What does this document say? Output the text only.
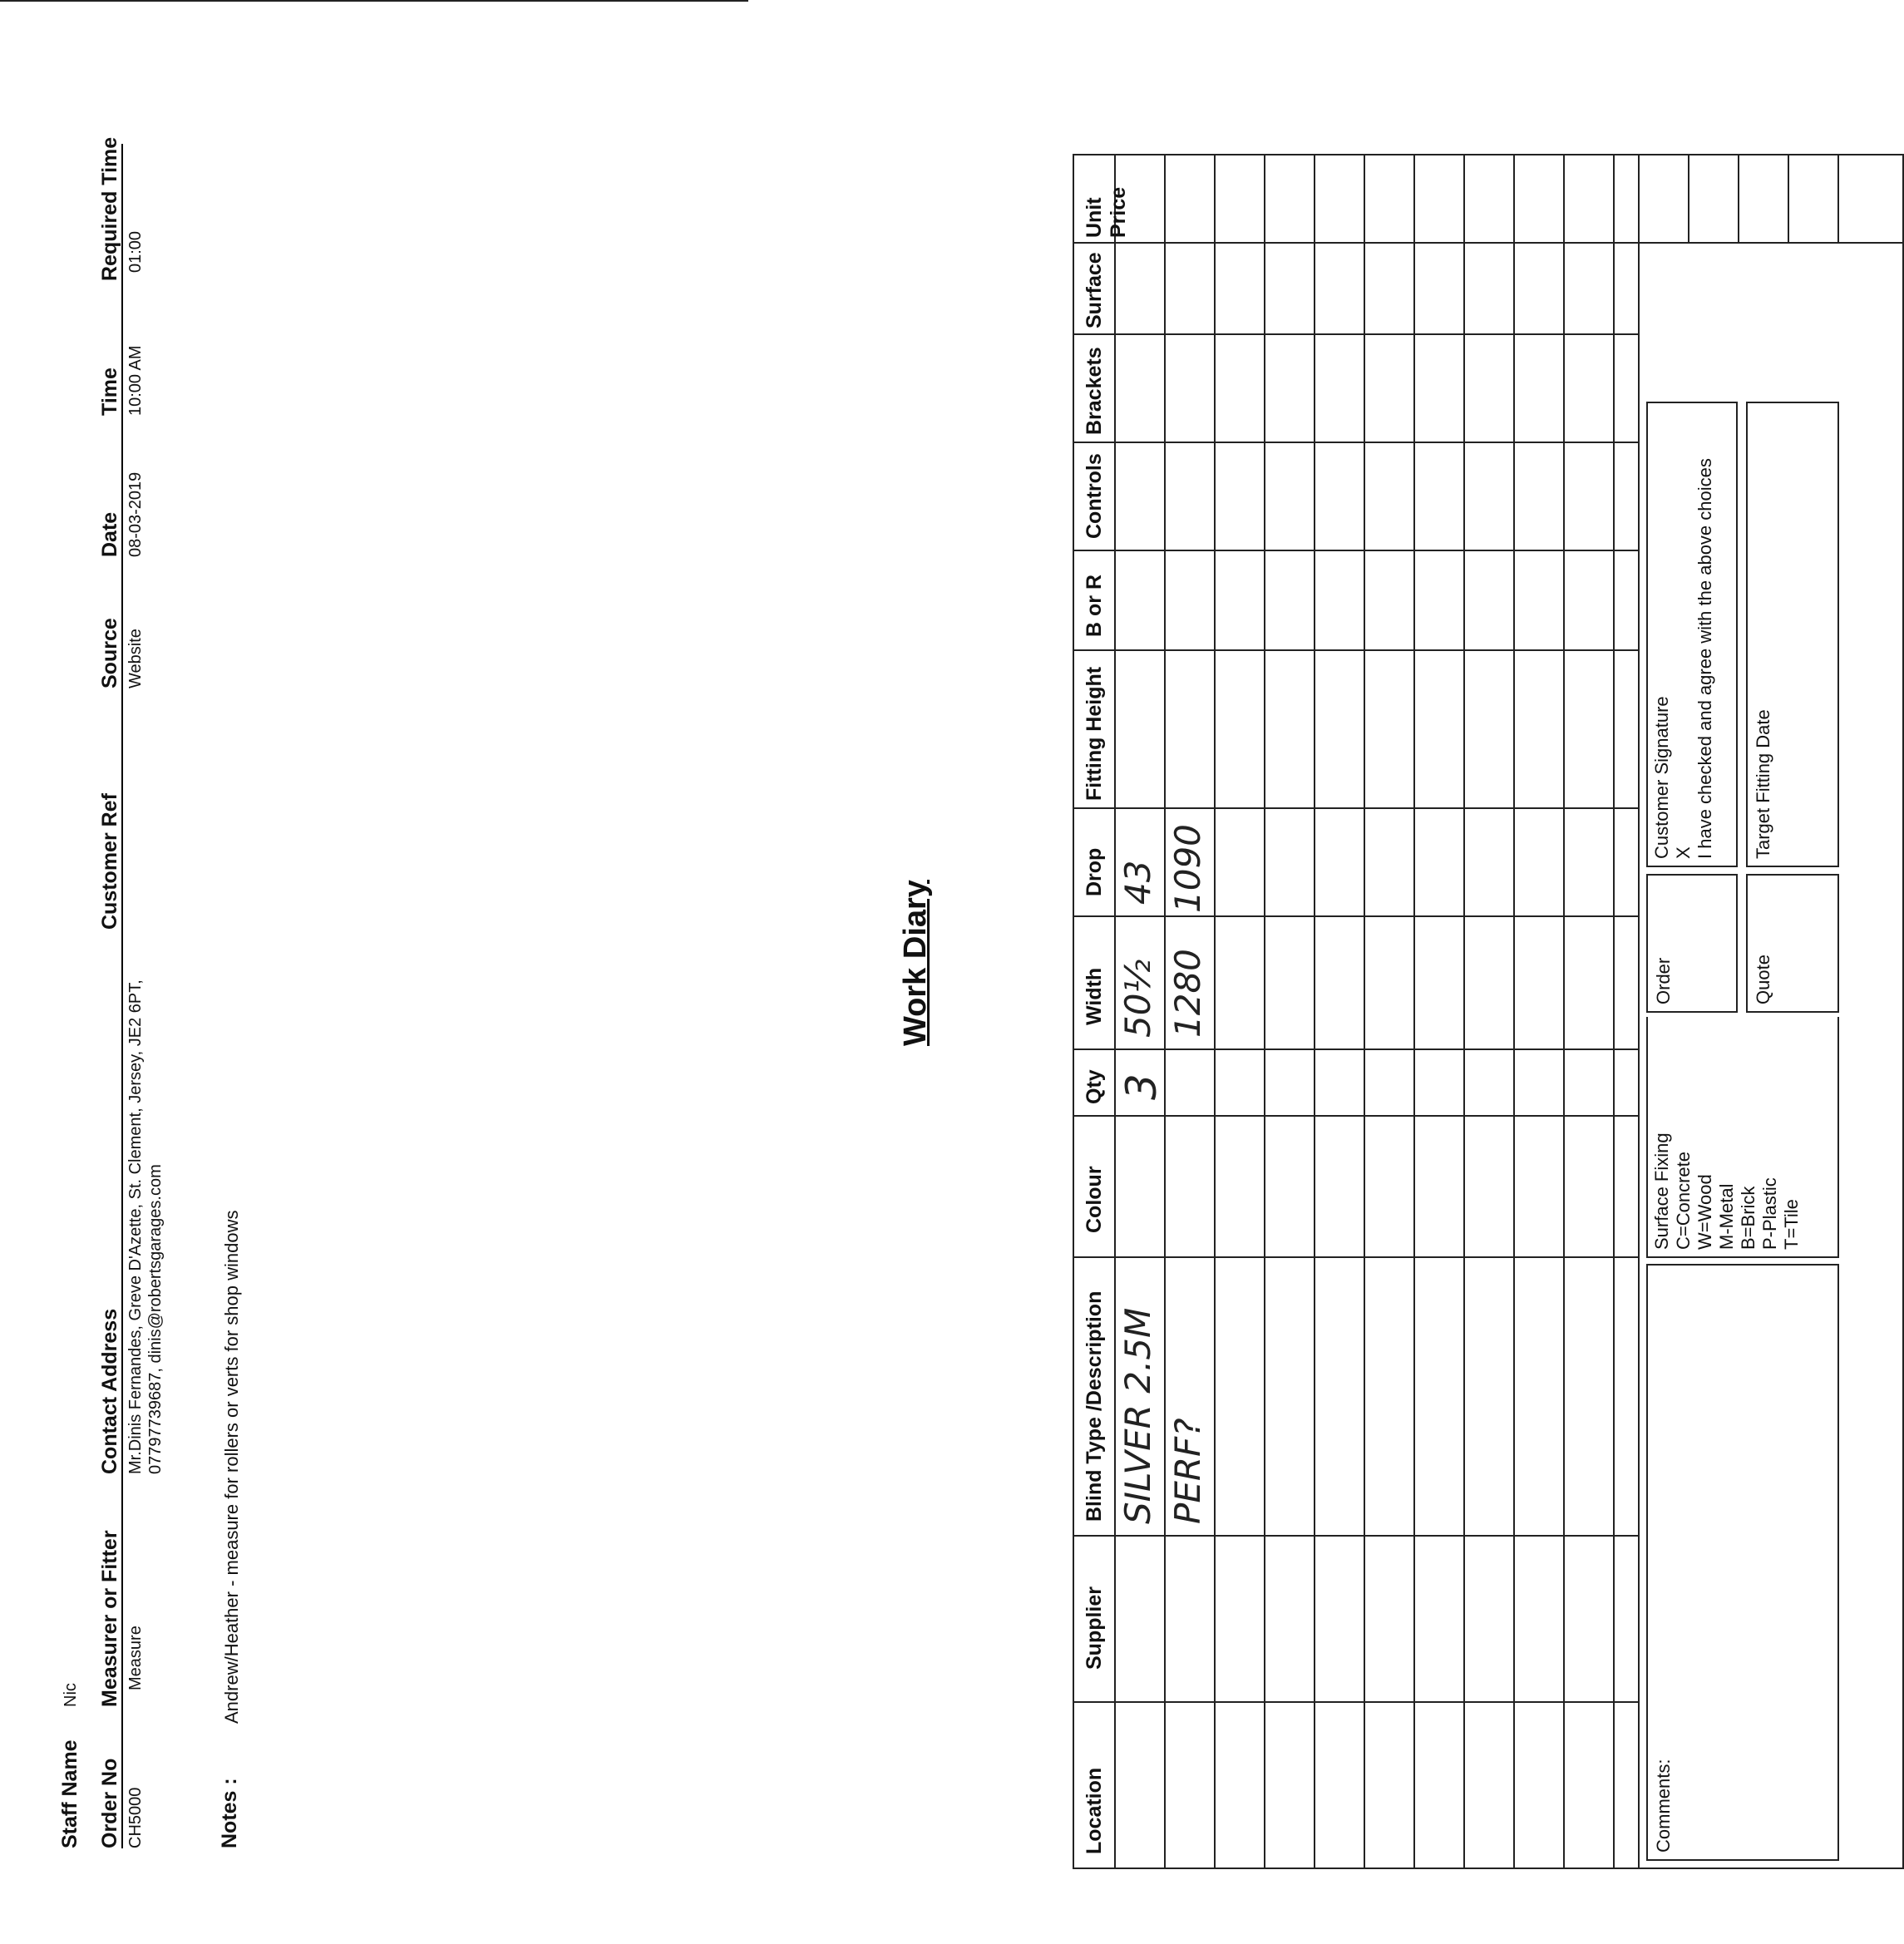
Staff Name
Nic
Order No CH5000
Measurer or Fitter Measure
Contact Address Mr.Dinis Fernandes, Greve D'Azette, St. Clement, Jersey, JE2 6PT, 07797739687, dinis@robertsgarages.com
Customer Ref
Source Website
Date 08-03-2019
Time 10:00 AM
Required Time 01:00
Work Diary
Notes :
Andrew/Heather - measure for rollers or verts for shop windows
Location
Supplier
Blind Type /Description
Colour
Qty
Width
Drop
Fitting Height
B or R
Controls
Brackets
Surface
Unit Price
SILVER 2.5M PERF?
3
50½ 1280
43 1090
Comments:
Surface Fixing C=Concrete W=Wood M-Metal B=Brick P-Plastic T=Tile
Order	Quote
Customer Signature X I have checked and agree with the above choices Target Fitting Date
